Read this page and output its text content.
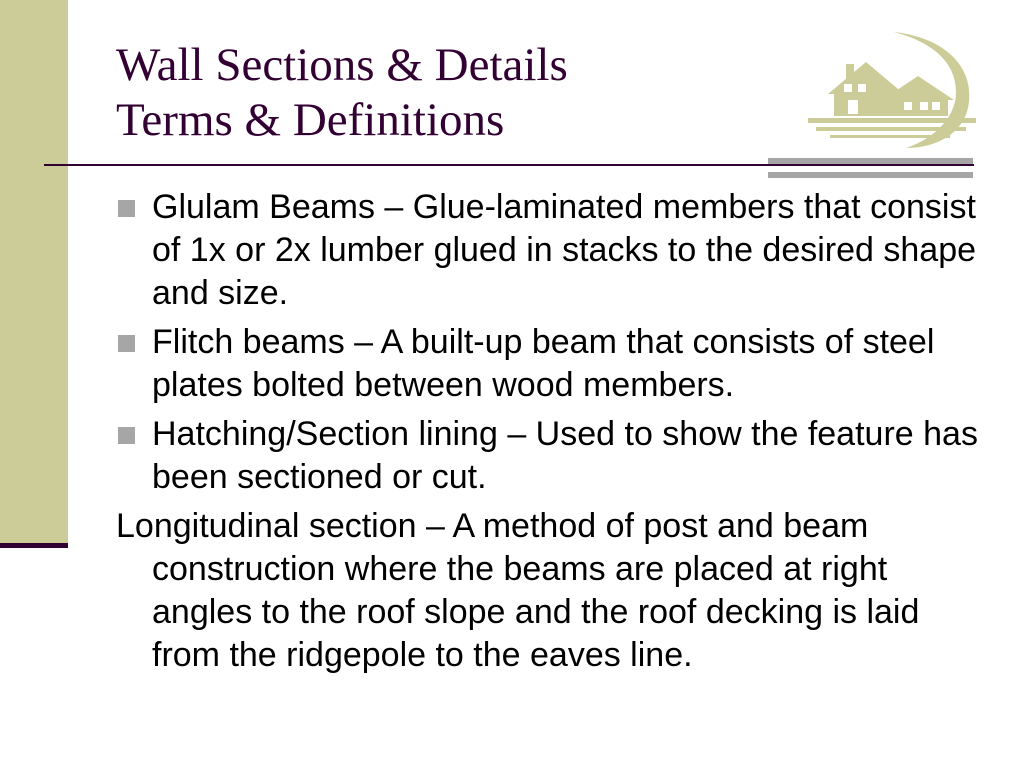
Wall Sections & Details
Terms & Definitions
Glulam Beams – Glue-laminated members that consist of 1x or 2x lumber glued in stacks to the desired shape and size.
Flitch beams – A built-up beam that consists of steel plates bolted between wood members.
Hatching/Section lining – Used to show the feature has been sectioned or cut.
Longitudinal section – A method of post and beam construction where the beams are placed at right angles to the roof slope and the roof decking is laid from the ridgepole to the eaves line.
